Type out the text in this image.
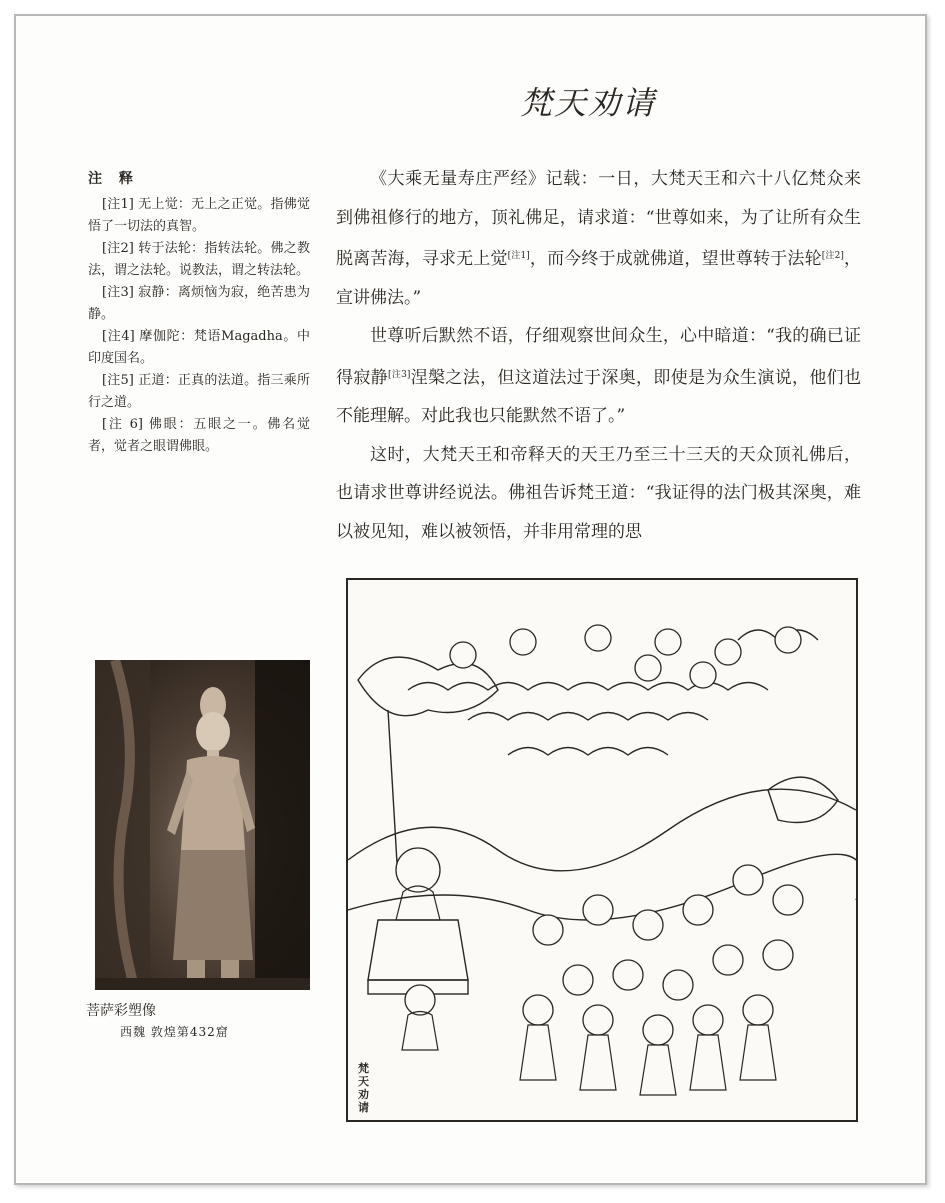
梵天劝请
注 释

[注1] 无上觉：无上之正觉。指佛觉悟了一切法的真智。

[注2] 转于法轮：指转法轮。佛之教法，谓之法轮。说教法，谓之转法轮。

[注3] 寂静：离烦恼为寂，绝苦患为静。

[注4] 摩伽陀：梵语Magadha。中印度国名。

[注5] 正道：正真的法道。指三乘所行之道。

[注 6] 佛眼：五眼之一。佛名觉者，觉者之眼谓佛眼。

《大乘无量寿庄严经》记载：一日，大梵天王和六十八亿梵众来到佛祖修行的地方，顶礼佛足，请求道：“世尊如来，为了让所有众生脱离苦海，寻求无上觉[注1]，而今终于成就佛道，望世尊转于法轮[注2]，宣讲佛法。”

世尊听后默然不语，仔细观察世间众生，心中暗道：“我的确已证得寂静[注3]涅槃之法，但这道法过于深奥，即使是为众生演说，他们也不能理解。对此我也只能默然不语了。”

这时，大梵天王和帝释天的天王乃至三十三天的天众顶礼佛后，也请求世尊讲经说法。佛祖告诉梵王道：“我证得的法门极其深奥，难以被见知，难以被领悟，并非用常理的思

菩萨彩塑像
西魏 敦煌第432窟
梵天劝请
